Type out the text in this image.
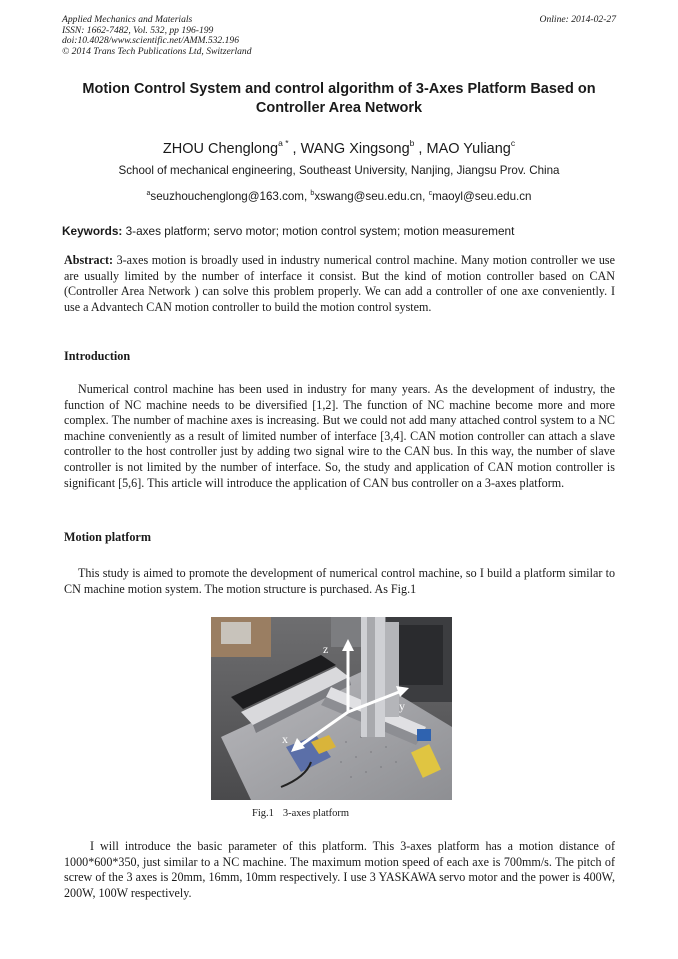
Applied Mechanics and Materials
ISSN: 1662-7482, Vol. 532, pp 196-199
doi:10.4028/www.scientific.net/AMM.532.196
© 2014 Trans Tech Publications Ltd, Switzerland
Online: 2014-02-27
Motion Control System and control algorithm of 3-Axes Platform Based on Controller Area Network
ZHOU Chenglong$^{a *}$ , WANG Xingsong$^b$ , MAO Yuliang$^c$
School of mechanical engineering, Southeast University, Nanjing, Jiangsu Prov. China
$^a$seuzhouchenglong@163.com, $^b$xswang@seu.edu.cn, $^c$maoyl@seu.edu.cn
Keywords: 3-axes platform; servo motor; motion control system; motion measurement
Abstract: 3-axes motion is broadly used in industry numerical control machine. Many motion controller we use are usually limited by the number of interface it consist. But the kind of motion controller based on CAN (Controller Area Network ) can solve this problem properly. We can add a controller of one axe conveniently. I use a Advantech CAN motion controller to build the motion control system.
Introduction
Numerical control machine has been used in industry for many years. As the development of industry, the function of NC machine needs to be diversified [1,2]. The function of NC machine become more and more complex. The number of machine axes is increasing. But we could not add many attached control system to a NC machine conveniently as a result of limited number of interface [3,4]. CAN motion controller can attach a slave controller to the host controller just by adding two signal wire to the CAN bus. In this way, the number of slave controller is not limited by the number of interface. So, the study and application of CAN motion controller is significant [5,6]. This article will introduce the application of CAN bus controller on a 3-axes platform.
Motion platform
This study is aimed to promote the development of numerical control machine, so I build a platform similar to CN machine motion system. The motion structure is purchased. As Fig.1
z
y
x
Fig.1 3-axes platform
I will introduce the basic parameter of this platform. This 3-axes platform has a motion distance of 1000*600*350, just similar to a NC machine. The maximum motion speed of each axe is 700mm/s. The pitch of screw of the 3 axes is 20mm, 16mm, 10mm respectively. I use 3 YASKAWA servo motor and the power is 400W, 200W, 100W respectively.
